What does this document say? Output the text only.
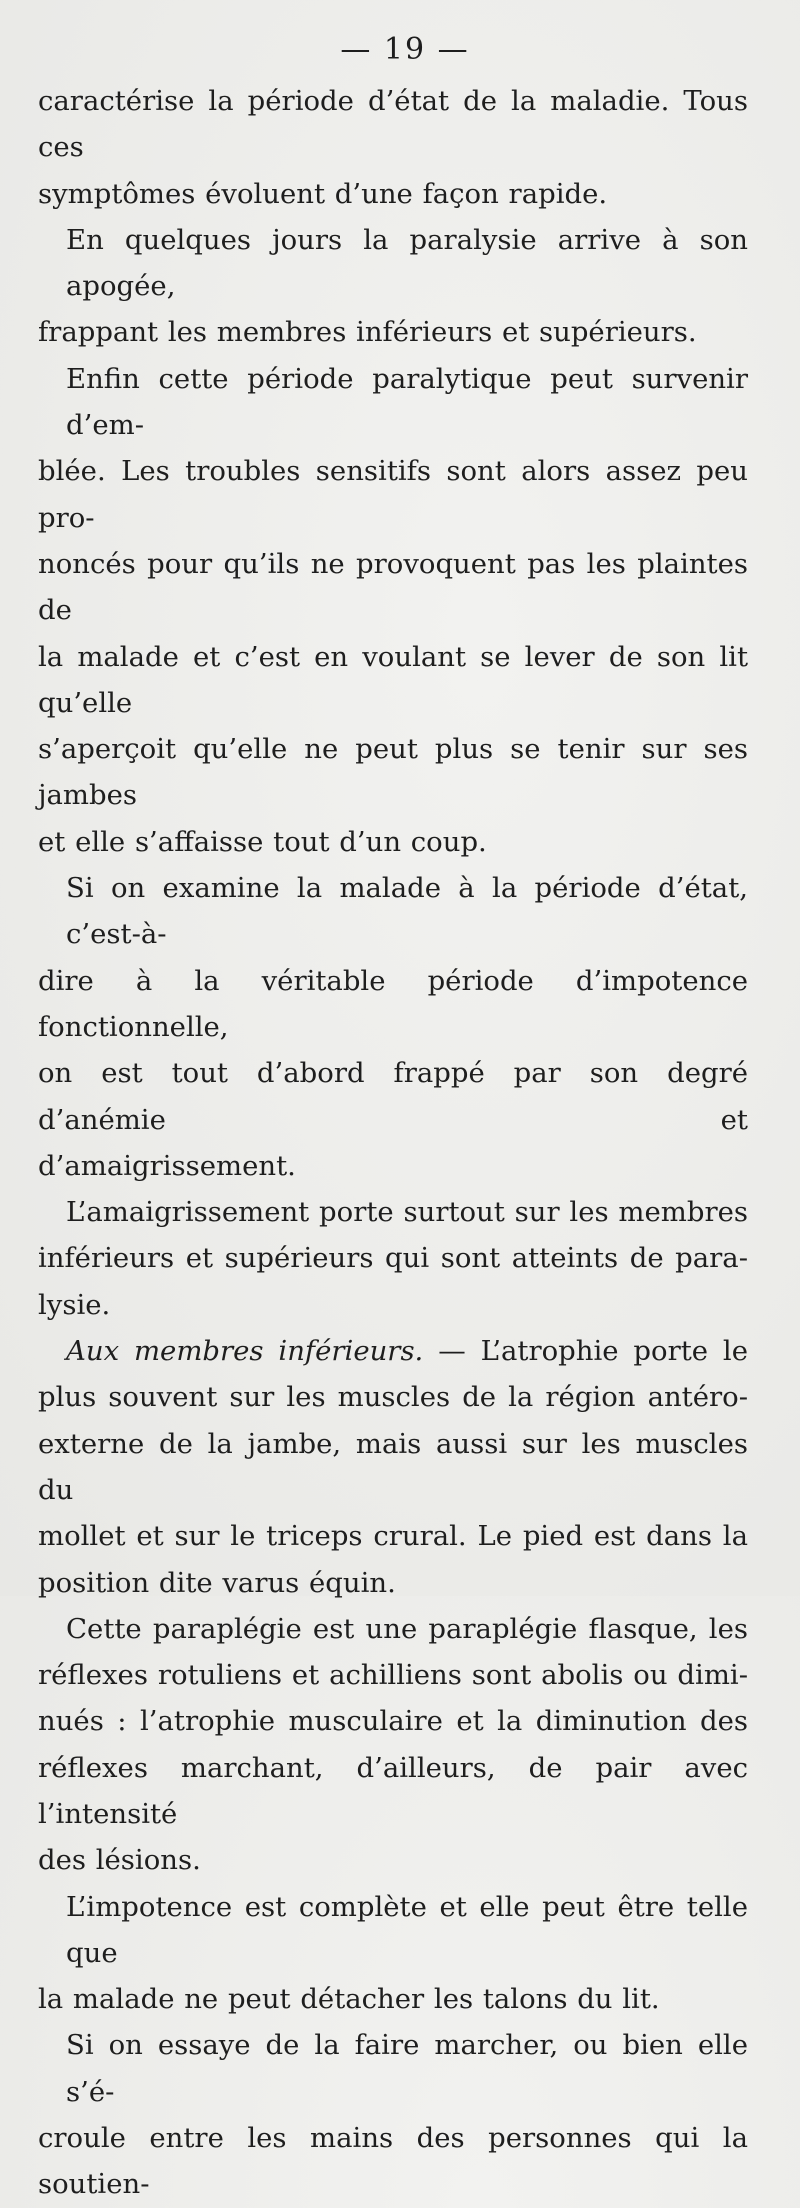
— 19 —

caractérise la période d’état de la maladie. Tous ces
symptômes évoluent d’une façon rapide.

En quelques jours la paralysie arrive à son apogée,
frappant les membres inférieurs et supérieurs.

Enfin cette période paralytique peut survenir d’em-
blée. Les troubles sensitifs sont alors assez peu pro-
noncés pour qu’ils ne provoquent pas les plaintes de
la malade et c’est en voulant se lever de son lit qu’elle
s’aperçoit qu’elle ne peut plus se tenir sur ses jambes
et elle s’affaisse tout d’un coup.

Si on examine la malade à la période d’état, c’est-à-
dire à la véritable période d’impotence fonctionnelle,
on est tout d’abord frappé par son degré d’anémie et
d’amaigrissement.

L’amaigrissement porte surtout sur les membres
inférieurs et supérieurs qui sont atteints de para-
lysie.

Aux membres inférieurs. — L’atrophie porte le
plus souvent sur les muscles de la région antéro-
externe de la jambe, mais aussi sur les muscles du
mollet et sur le triceps crural. Le pied est dans la
position dite varus équin.

Cette paraplégie est une paraplégie flasque, les
réflexes rotuliens et achilliens sont abolis ou dimi-
nués : l’atrophie musculaire et la diminution des
réflexes marchant, d’ailleurs, de pair avec l’intensité
des lésions.

L’impotence est complète et elle peut être telle que
la malade ne peut détacher les talons du lit.

Si on essaye de la faire marcher, ou bien elle s’é-
croule entre les mains des personnes qui la soutien-
